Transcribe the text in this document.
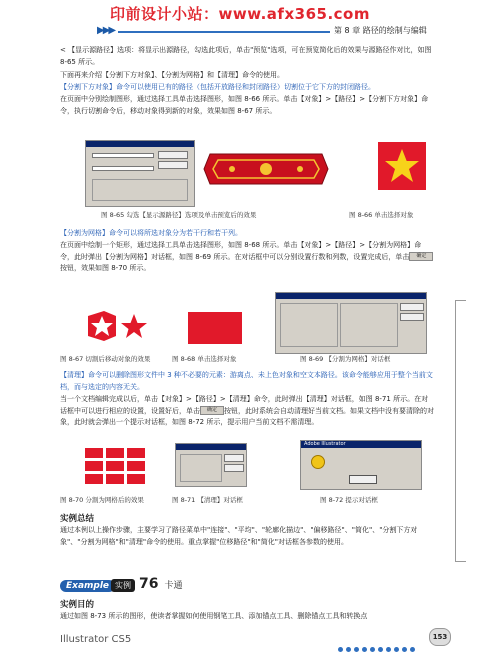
印前设计小站：www.afx365.com
▶▶▶	第 8 章 路径的绘制与编辑
< 【显示源路径】选项：将显示出源路径，勾选此项后，单击"预览"选项，可在预览简化后的效果与源路径作对比，如图 8-65 所示。
下面再来介绍【分割下方对象】、【分割为网格】和【清理】命令的使用。
【分割下方对象】命令可以使用已有的路径（包括开放路径和封闭路径）切割位于它下方的封闭路径。
在页面中分别绘制图形，通过选择工具单击选择图形，如图 8-66 所示。单击【对象】>【路径】>【分割下方对象】命令，执行切割命令后，移动对象得到新的对象，效果如图 8-67 所示。
图 8-65 勾选【显示源路径】选项及单击预览后的效果	图 8-66 单击选择对象
【分割为网格】命令可以将所选对象分为若干行和若干列。
在页面中绘制一个矩形，通过选择工具单击选择图形，如图 8-68 所示。单击【对象】>【路径】>【分割为网格】命令，此时弹出【分割为网格】对话框，如图 8-69 所示。在对话框中可以分别设置行数和列数，设置完成后，单击 确定按钮，效果如图 8-70 所示。
图 8-67 切割后移动对象的效果	图 8-68 单击选择对象	图 8-69 【分割为网格】对话框
【清理】命令可以删除图形文件中 3 种不必要的元素：游离点、未上色对象和空文本路径。该命令能够应用于整个当前文档，而与选定的内容无关。
当一个文档编辑完成以后，单击【对象】>【路径】>【清理】命令，此时弹出【清理】对话框，如图 8-71 所示。在对话框中可以进行相应的设置，设置好后，单击 确定 按钮，此时系统会自动清理好当前文档。如果文档中没有要清除的对象，此时就会弹出一个提示对话框，如图 8-72 所示，提示用户当前文档不需清理。
Adobe Illustrator
图 8-70 分割为网格后的效果	图 8-71 【清理】对话框	图 8-72 提示对话框
实例总结
通过本例以上操作步骤，主要学习了路径菜单中"连接"、"平均"、"轮廓化描边"、"偏移路径"、"简化"、"分割下方对象"、"分割为网格"和"清理"命令的使用。重点掌握"位移路径"和"简化"对话框各参数的使用。
Example 实例 76 卡通
实例目的
通过如图 8-73 所示的图形，使读者掌握如何使用钢笔工具、添加锚点工具、删除锚点工具和转换点
Illustrator CS5	153
